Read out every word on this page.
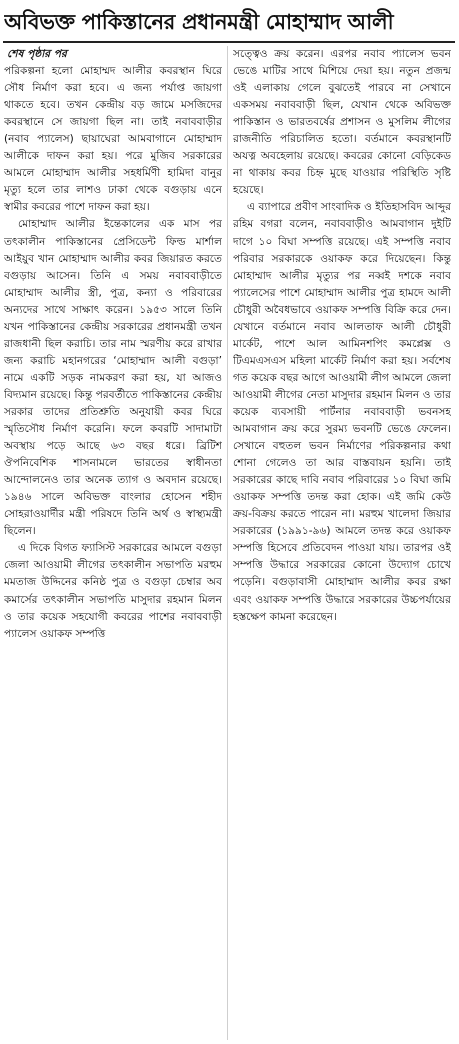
অবিভক্ত পাকিস্তানের প্রধানমন্ত্রী মোহাম্মাদ আলী

শেষ পৃষ্ঠার পর

পরিকল্পনা হলো মোহাম্মদ আলীর কবরস্থান ঘিরে সৌধ নির্মাণ করা হবে। এ জন্য পর্যাপ্ত জায়গা থাকতে হবে। তখন কেন্দ্রীয় বড় জামে মসজিদের কবরস্থানে সে জায়গা ছিল না। তাই নবাববাড়ীর (নবাব প্যালেস) ছায়াঘেরা আমবাগানে মোহাম্মাদ আলীকে দাফন করা হয়। পরে মুজিব সরকারের আমলে মোহাম্মাদ আলীর সহধর্মিণী হামিদা বানুর মৃত্যু হলে তার লাশও ঢাকা থেকে বগুড়ায় এনে স্বামীর কবরের পাশে দাফন করা হয়।

মোহাম্মাদ আলীর ইন্তেকালের এক মাস পর তৎকালীন পাকিস্তানের প্রেসিডেন্ট ফিল্ড মার্শাল আইয়ুব খান মোহাম্মাদ আলীর কবর জিয়ারত করতে বগুড়ায় আসেন। তিনি এ সময় নবাববাড়ীতে মোহাম্মাদ আলীর স্ত্রী, পুত্র, কন্যা ও পরিবারের অন্যদের সাথে সাক্ষাৎ করেন। ১৯৫৩ সালে তিনি যখন পাকিস্তানের কেন্দ্রীয় সরকারের প্রধানমন্ত্রী তখন রাজধানী ছিল করাচি। তার নাম স্মরণীয় করে রাখার জন্য করাচি মহানগরের ‘মোহাম্মাদ আলী বগুড়া’ নামে একটি সড়ক নামকরণ করা হয়, যা আজও বিদ্যমান রয়েছে। কিন্তু পরবর্তীতে পাকিস্তানের কেন্দ্রীয় সরকার তাদের প্রতিশ্রুতি অনুযায়ী কবর ঘিরে স্মৃতিসৌধ নির্মাণ করেনি। ফলে কবরটি সাদামাটা অবস্থায় পড়ে আছে ৬৩ বছর ধরে। ব্রিটিশ ঔপনিবেশিক শাসনামলে ভারতের স্বাধীনতা আন্দোলনেও তার অনেক ত্যাগ ও অবদান রয়েছে। ১৯৪৬ সালে অবিভক্ত বাংলার হোসেন শহীদ সোহরাওয়ার্দীর মন্ত্রী পরিষদে তিনি অর্থ ও স্বাস্থ্যমন্ত্রী ছিলেন।

এ দিকে বিগত ফ্যাসিস্ট সরকারের আমলে বগুড়া জেলা আওয়ামী লীগের তৎকালীন সভাপতি মরহুম মমতাজ উদ্দিনের কনিষ্ঠ পুত্র ও বগুড়া চেম্বার অব কমার্সের তৎকালীন সভাপতি মাসুদার রহমান মিলন ও তার কয়েক সহযোগী কবরের পাশের নবাববাড়ী প্যালেস ওয়াকফ সম্পত্তি

সত্ত্বেও ক্রয় করেন। এরপর নবাব প্যালেস ভবন ভেঙে মাটির সাথে মিশিয়ে দেয়া হয়। নতুন প্রজন্ম ওই এলাকায় গেলে বুঝতেই পারবে না সেখানে একসময় নবাববাড়ী ছিল, যেখান থেকে অবিভক্ত পাকিস্তান ও ভারতবর্ষের প্রশাসন ও মুসলিম লীগের রাজনীতি পরিচালিত হতো। বর্তমানে কবরস্থানটি অযত্ন অবহেলায় রয়েছে। কবরের কোনো বেড়িকেড না থাকায় কবর চিহ্ন মুছে যাওয়ার পরিস্থিতি সৃষ্টি হয়েছে।

এ ব্যাপারে প্রবীণ সাংবাদিক ও ইতিহাসবিদ আব্দুর রহিম বগরা বলেন, নবাববাড়ীও আমবাগান দুইটি দাগে ১০ বিঘা সম্পত্তি রয়েছে। এই সম্পত্তি নবাব পরিবার সরকারকে ওয়াকফ করে দিয়েছেন। কিন্তু মোহাম্মাদ আলীর মৃত্যুর পর নব্বই দশকে নবাব প্যালেসের পাশে মোহাম্মাদ আলীর পুত্র হামদে আলী চৌধুরী অবৈধভাবে ওয়াকফ সম্পত্তি বিক্রি করে দেন। যেখানে বর্তমানে নবাব আলতাফ আলী চৌধুরী মার্কেট, পাশে আল আমিনশপিং কমপ্লেক্স ও টিএমএসএস মহিলা মার্কেট নির্মাণ করা হয়। সর্বশেষ গত কয়েক বছর আগে আওয়ামী লীগ আমলে জেলা আওয়ামী লীগের নেতা মাসুদার রহমান মিলন ও তার কয়েক ব্যবসায়ী পার্টনার নবাববাড়ী ভবনসহ আমবাগান ক্রয় করে সুরম্য ভবনটি ভেঙে ফেলেন। সেখানে বহুতল ভবন নির্মাণের পরিকল্পনার কথা শোনা গেলেও তা আর বাস্তবায়ন হয়নি। তাই সরকারের কাছে দাবি নবাব পরিবারের ১০ বিঘা জমি ওয়াকফ সম্পত্তি তদন্ত করা হোক। এই জমি কেউ ক্রয়-বিক্রয় করতে পারেন না। মরহুম খালেদা জিয়ার সরকারের (১৯৯১-৯৬) আমলে তদন্ত করে ওয়াকফ সম্পত্তি হিসেবে প্রতিবেদন পাওয়া যায়। তারপর ওই সম্পত্তি উদ্ধারে সরকারের কোনো উদ্যোগ চোখে পড়েনি। বগুড়াবাসী মোহাম্মাদ আলীর কবর রক্ষা এবং ওয়াকফ সম্পত্তি উদ্ধারে সরকারের উচ্চপর্যায়ের হস্তক্ষেপ কামনা করেছেন।
